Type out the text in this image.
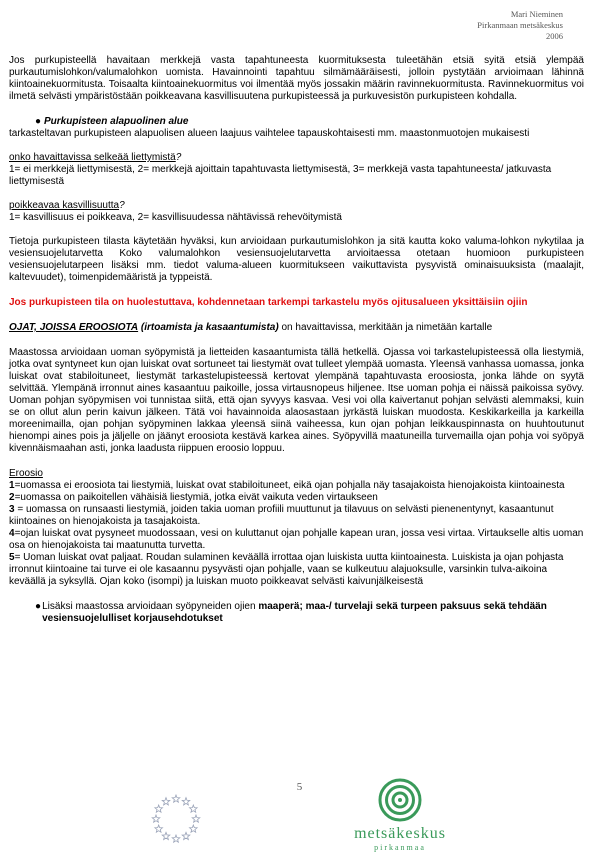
Mari Nieminen
Pirkanmaan metsäkeskus
2006

Jos purkupisteellä havaitaan merkkejä vasta tapahtuneesta kuormituksesta tuleetähän etsiä syitä etsiä ylempää purkautumislohkon/valumalohkon uomista. Havainnointi tapahtuu silmämääräisesti, jolloin pystytään arvioimaan lähinnä kiintoainekuormitusta. Toisaalta kiintoainekuormitus voi ilmentää myös jossakin määrin ravinnekuormitusta. Ravinnekuormitus voi ilmetä selvästi ympäristöstään poikkeavana kasvillisuutena purkupisteessä ja purkuvesistön purkupisteen kohdalla.

● Purkupisteen alapuolinen alue

tarkasteltavan purkupisteen alapuolisen alueen laajuus vaihtelee tapauskohtaisesti mm. maastonmuotojen mukaisesti

onko havaittavissa selkeää liettymistä?

1= ei merkkejä liettymisestä, 2= merkkejä ajoittain tapahtuvasta liettymisestä, 3= merkkejä vasta tapahtuneesta/ jatkuvasta liettymisestä

poikkeavaa kasvillisuutta?

1= kasvillisuus ei poikkeava, 2= kasvillisuudessa nähtävissä rehevöitymistä

Tietoja purkupisteen tilasta käytetään hyväksi, kun arvioidaan purkautumislohkon ja sitä kautta koko valuma-lohkon nykytilaa ja vesiensuojelutarvetta Koko valumalohkon vesiensuojelutarvetta arvioitaessa otetaan huomioon purkupisteen vesiensuojelutarpeen lisäksi mm. tiedot valuma-alueen kuormitukseen vaikuttavista pysyvistä ominaisuuksista (maalajit, kaltevuudet), toimenpidemääristä ja typpeistä.

Jos purkupisteen tila on huolestuttava, kohdennetaan tarkempi tarkastelu myös ojitusalueen yksittäisiin ojiin

OJAT, JOISSA EROOSIOTA (irtoamista ja kasaantumista) on havaittavissa, merkitään ja nimetään kartalle

Maastossa arvioidaan uoman syöpymistä ja lietteiden kasaantumista tällä hetkellä. Ojassa voi tarkastelupisteessä olla liestymiä, jotka ovat syntyneet kun ojan luiskat ovat sortuneet tai liestymät ovat tulleet ylempää uomasta. Yleensä vanhassa uomassa, jonka luiskat ovat stabiloituneet, liestymät tarkastelupisteessä kertovat ylempänä tapahtuvasta eroosiosta, jonka lähde on syytä selvittää. Ylempänä irronnut aines kasaantuu paikoille, jossa virtausnopeus hiljenee. Itse uoman pohja ei näissä paikoissa syövy. Uoman pohjan syöpymisen voi tunnistaa siitä, että ojan syvyys kasvaa. Vesi voi olla kaivertanut pohjan selvästi alemmaksi, kuin se on ollut alun perin kaivun jälkeen. Tätä voi havainnoida alaosastaan jyrkästä luiskan muodosta. Keskikarkeilla ja karkeilla moreenimailla, ojan pohjan syöpyminen lakkaa yleensä siinä vaiheessa, kun ojan pohjan leikkauspinnasta on huuhtoutunut hienompi aines pois ja jäljelle on jäänyt eroosiota kestävä karkea aines. Syöpyvillä maatuneilla turvemailla ojan pohja voi syöpyä kivennäismaahan asti, jonka laadusta riippuen eroosio loppuu.

Eroosio

1=uomassa ei eroosiota tai liestymiä, luiskat ovat stabiloituneet, eikä ojan pohjalla näy tasajakoista hienojakoista kiintoainesta

2=uomassa on paikoitellen vähäisiä liestymiä, jotka eivät vaikuta veden virtaukseen

3 = uomassa on runsaasti liestymiä, joiden takia uoman profiili muuttunut ja tilavuus on selvästi pienenentynyt, kasaantunut kiintoaines on hienojakoista ja tasajakoista.

4=ojan luiskat ovat pysyneet muodossaan, vesi on kuluttanut ojan pohjalle kapean uran, jossa vesi virtaa. Virtaukselle altis uoman osa on hienojakoista tai maatunutta turvetta.

5= Uoman luiskat ovat paljaat. Roudan sulaminen keväällä irrottaa ojan luiskista uutta kiintoainesta. Luiskista ja ojan pohjasta irronnut kiintoaine tai turve ei ole kasaannu pysyvästi ojan pohjalle, vaan se kulkeutuu alajuoksulle, varsinkin tulva-aikoina keväällä ja syksyllä. Ojan koko (isompi) ja luiskan muoto poikkeavat selvästi kaivunjälkeisestä

● Lisäksi maastossa arvioidaan syöpyneiden ojien maaperä; maa-/ turvelaji sekä turpeen paksuus sekä tehdään vesiensuojelulliset korjausehdotukset
5
metsäkeskus
pirkanmaa
